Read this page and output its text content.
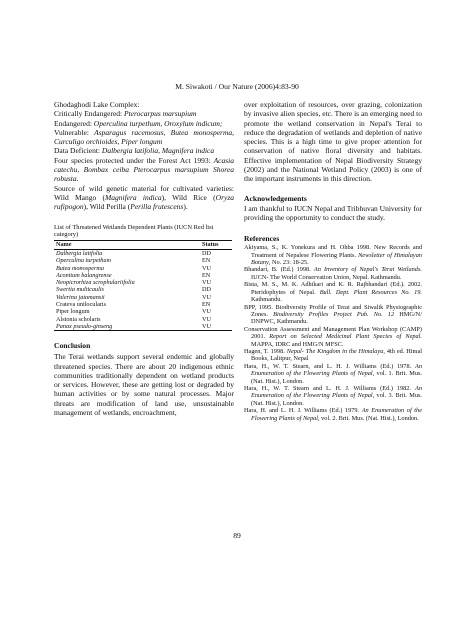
M. Siwakoti / Our Nature (2006)4:83-90

Ghodaghodi Lake Complex:

Critically Endangered: Pterocarpus marsupium

Endangered: Operculina turpethum, Oroxylum indicum;

Vulnerable: Asparagus racemosus, Butea monosperma, Curculigo orchioides, Piper longum

Data Deficient: Dalbergia latifolia, Magnifera indica

Four species protected under the Forest Act 1993: Acasia catechu, Bombax ceiba Pterocarpus marsupium Shorea robusta.

Source of wild genetic material for cultivated varieties: Wild Mango (Magnifera indica), Wild Rice (Oryza rufipogon), Wild Perilla (Perilla frutescens).

List of Threatened Wetlands Dependent Plants (IUCN Red list category)
Name	Status
Dalbergia latifolia	DD
Operculina turpethum	EN
Butea monosperma	VU
Aconitum balangrense	EN
Neopicrorhiza scrophulariifolia	VU
Swertia multicaulis	DD
Valerina jatamansii	VU
Crateva unilocularis	EN
Piper longum	VU
Alstonia scholaris	VU
Panax pseudo-ginseng	VU

Conclusion

The Terai wetlands support several endemic and globally threatened species. There are about 20 indigenous ethnic communities traditionally dependent on wetland products or services. However, these are getting lost or degraded by human activities or by some natural processes. Major threats are modification of land use, unsustainable management of wetlands, encroachment,

over exploitation of resources, over grazing, colonization by invasive alien species, etc. There is an emerging need to promote the wetland conservation in Nepal's Terai to reduce the degradation of wetlands and depletion of native species. This is a high time to give proper attention for conservation of native floral diversity and habitats. Effective implementation of Nepal Biodiversity Strategy (2002) and the National Wetland Policy (2003) is one of the important instruments in this direction.

Acknowledgements

I am thankful to IUCN Nepal and Tribhuvan University for providing the opportunity to conduct the study.

References

Akiyama, S., K. Yonekura and H. Ohba 1998. New Records and Treatment of Nepalese Flowering Plants. Newsletter of Himalayan Botany, No. 23: 18-25.

Bhandari, B. (Ed.) 1998. An Inventory of Nepal's Terai Wetlands. IUCN- The World Conservation Union, Nepal. Kathmandu.

Bista, M. S., M. K. Adhikari and K. R. Rajbhandari (Ed.). 2002. Pteridophytes of Nepal. Bull. Dept. Plant Resources No. 19. Kathmandu.

BPP, 1995. Biodiversity Profile of Terai and Siwalik Physiographic Zones. Biodiversity Profiles Project Pub. No. 12 HMG/N/ DNPWC, Kathmandu.

Conservation Assessment and Management Plan Workshop (CAMP) 2001. Report on Selected Medicinal Plant Species of Nepal. MAPPA, IDRC and HMG/N MFSC.

Hagen, T. 1998. Nepal- The Kingdom in the Himalaya, 4th ed. Himal Books, Lalitpur, Nepal

Hara, H., W. T. Stearn, and L. H. J. Williams (Ed.) 1978. An Enumeration of the Flowering Plants of Nepal, vol. 1. Brit. Mus. (Nat. Hist.), London.

Hara, H., W. T. Stearn and L. H. J. Williams (Ed.) 1982. An Enumeration of the Flowering Plants of Nepal, vol. 3. Brit. Mus. (Nat. Hist.), London.

Hara, H. and L. H. J. Williams (Ed.) 1979. An Enumeration of the Flowering Plants of Nepal, vol. 2. Brit. Mus. (Nat. Hist.), London.

89
